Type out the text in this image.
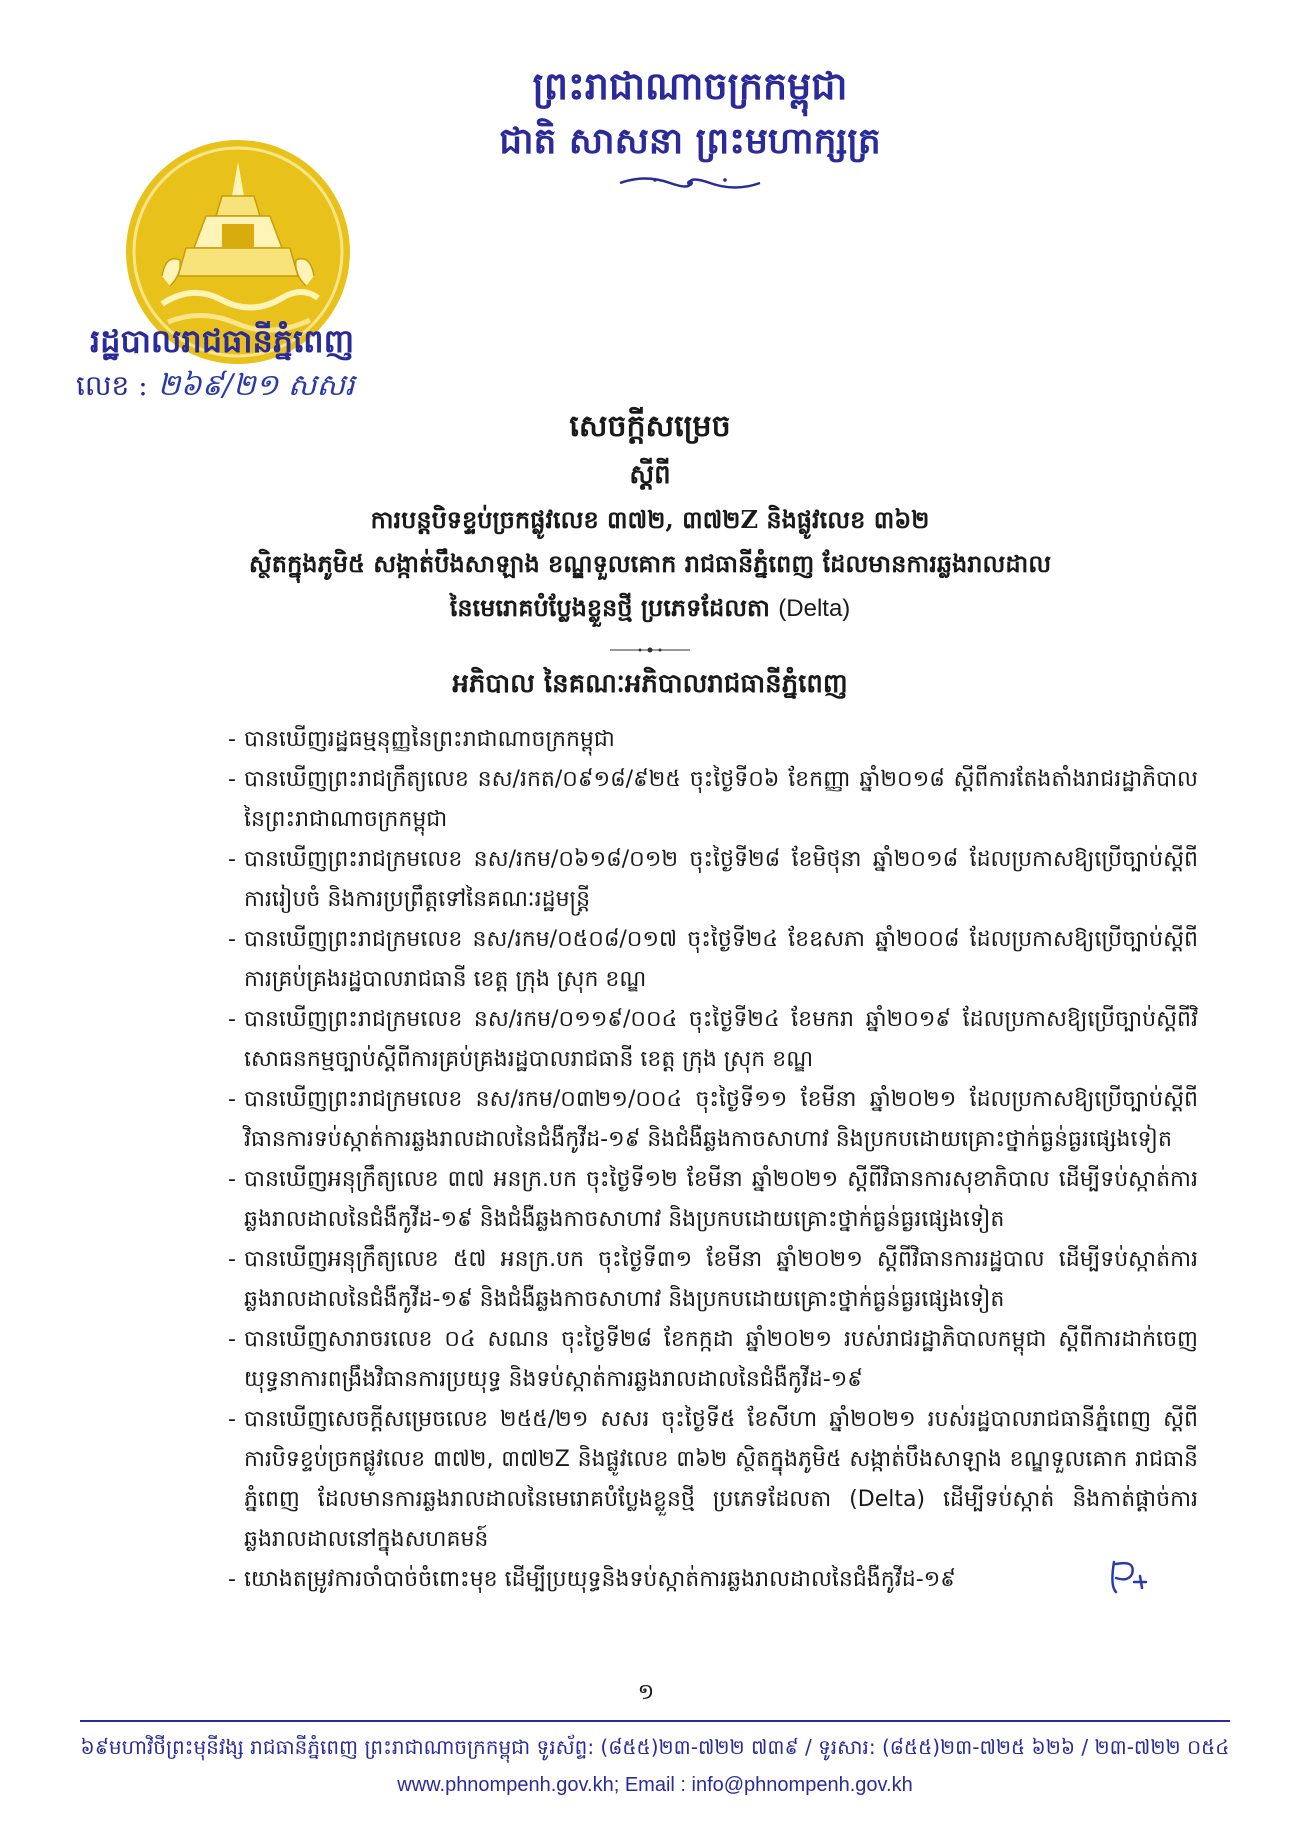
ព្រះរាជាណាចក្រកម្ពុជា
ជាតិ សាសនា ព្រះមហាក្សត្រ
រដ្ឋបាលរាជធានីភ្នំពេញ
លេខ : ២៦៩/២១ សសរ
សេចក្តីសម្រេច
ស្តីពី
ការបន្តបិទខ្ទប់ច្រកផ្លូវលេខ ៣៧២, ៣៧២Z និងផ្លូវលេខ ៣៦២
ស្ថិតក្នុងភូមិ៥ សង្កាត់បឹងសាឡាង ខណ្ឌទួលគោក រាជធានីភ្នំពេញ ដែលមានការឆ្លងរាលដាល
នៃមេរោគបំប្លែងខ្លួនថ្មី ប្រភេទដែលតា (Delta)
អភិបាល នៃគណៈអភិបាលរាជធានីភ្នំពេញ
- បានឃើញរដ្ឋធម្មនុញ្ញនៃព្រះរាជាណាចក្រកម្ពុជា
- បានឃើញព្រះរាជក្រឹត្យលេខ នស/រកត/០៩១៨/៩២៥ ចុះថ្ងៃទី០៦ ខែកញ្ញា ឆ្នាំ២០១៨ ស្តីពីការតែងតាំងរាជរដ្ឋាភិបាលនៃព្រះរាជាណាចក្រកម្ពុជា
- បានឃើញព្រះរាជក្រមលេខ នស/រកម/០៦១៨/០១២ ចុះថ្ងៃទី២៨ ខែមិថុនា ឆ្នាំ២០១៨ ដែលប្រកាសឱ្យប្រើច្បាប់ស្តីពីការរៀបចំ និងការប្រព្រឹត្តទៅនៃគណៈរដ្ឋមន្ត្រី
- បានឃើញព្រះរាជក្រមលេខ នស/រកម/០៥០៨/០១៧ ចុះថ្ងៃទី២៤ ខែឧសភា ឆ្នាំ២០០៨ ដែលប្រកាសឱ្យប្រើច្បាប់ស្តីពីការគ្រប់គ្រងរដ្ឋបាលរាជធានី ខេត្ត ក្រុង ស្រុក ខណ្ឌ
- បានឃើញព្រះរាជក្រមលេខ នស/រកម/០១១៩/០០៤ ចុះថ្ងៃទី២៤ ខែមករា ឆ្នាំ២០១៩ ដែលប្រកាសឱ្យប្រើច្បាប់ស្តីពីវិសោធនកម្មច្បាប់ស្តីពីការគ្រប់គ្រងរដ្ឋបាលរាជធានី ខេត្ត ក្រុង ស្រុក ខណ្ឌ
- បានឃើញព្រះរាជក្រមលេខ នស/រកម/០៣២១/០០៤ ចុះថ្ងៃទី១១ ខែមីនា ឆ្នាំ២០២១ ដែលប្រកាសឱ្យប្រើច្បាប់ស្តីពីវិធានការទប់ស្កាត់ការឆ្លងរាលដាលនៃជំងឺកូវីដ-១៩ និងជំងឺឆ្លងកាចសាហាវ និងប្រកបដោយគ្រោះថ្នាក់ធ្ងន់ធ្ងរផ្សេងទៀត
- បានឃើញអនុក្រឹត្យលេខ ៣៧ អនក្រ.បក ចុះថ្ងៃទី១២ ខែមីនា ឆ្នាំ២០២១ ស្តីពីវិធានការសុខាភិបាល ដើម្បីទប់ស្កាត់ការឆ្លងរាលដាលនៃជំងឺកូវីដ-១៩ និងជំងឺឆ្លងកាចសាហាវ និងប្រកបដោយគ្រោះថ្នាក់ធ្ងន់ធ្ងរផ្សេងទៀត
- បានឃើញអនុក្រឹត្យលេខ ៥៧ អនក្រ.បក ចុះថ្ងៃទី៣១ ខែមីនា ឆ្នាំ២០២១ ស្តីពីវិធានការរដ្ឋបាល ដើម្បីទប់ស្កាត់ការឆ្លងរាលដាលនៃជំងឺកូវីដ-១៩ និងជំងឺឆ្លងកាចសាហាវ និងប្រកបដោយគ្រោះថ្នាក់ធ្ងន់ធ្ងរផ្សេងទៀត
- បានឃើញសារាចរលេខ ០៤ សណន ចុះថ្ងៃទី២៨ ខែកក្កដា ឆ្នាំ២០២១ របស់រាជរដ្ឋាភិបាលកម្ពុជា ស្តីពីការដាក់ចេញយុទ្ធនាការពង្រឹងវិធានការប្រយុទ្ធ និងទប់ស្កាត់ការឆ្លងរាលដាលនៃជំងឺកូវីដ-១៩
- បានឃើញសេចក្តីសម្រេចលេខ ២៥៥/២១ សសរ ចុះថ្ងៃទី៥ ខែសីហា ឆ្នាំ២០២១ របស់រដ្ឋបាលរាជធានីភ្នំពេញ ស្តីពីការបិទខ្ទប់ច្រកផ្លូវលេខ ៣៧២, ៣៧២Z និងផ្លូវលេខ ៣៦២ ស្ថិតក្នុងភូមិ៥ សង្កាត់បឹងសាឡាង ខណ្ឌទួលគោក រាជធានីភ្នំពេញ ដែលមានការឆ្លងរាលដាលនៃមេរោគបំប្លែងខ្លួនថ្មី ប្រភេទដែលតា (Delta) ដើម្បីទប់ស្កាត់ និងកាត់ផ្តាច់ការឆ្លងរាលដាលនៅក្នុងសហគមន៍
- យោងតម្រូវការចាំបាច់ចំពោះមុខ ដើម្បីប្រយុទ្ធនិងទប់ស្កាត់ការឆ្លងរាលដាលនៃជំងឺកូវីដ-១៩
១
៦៩មហាវិថីព្រះមុនីវង្ស រាជធានីភ្នំពេញ ព្រះរាជាណាចក្រកម្ពុជា ទូរស័ព្ទ: (៨៥៥)២៣-៧២២ ៧៣៩ / ទូរសារ: (៨៥៥)២៣-៧២៥ ៦២៦ / ២៣-៧២២ ០៥៤
www.phnompenh.gov.kh; Email : info@phnompenh.gov.kh
